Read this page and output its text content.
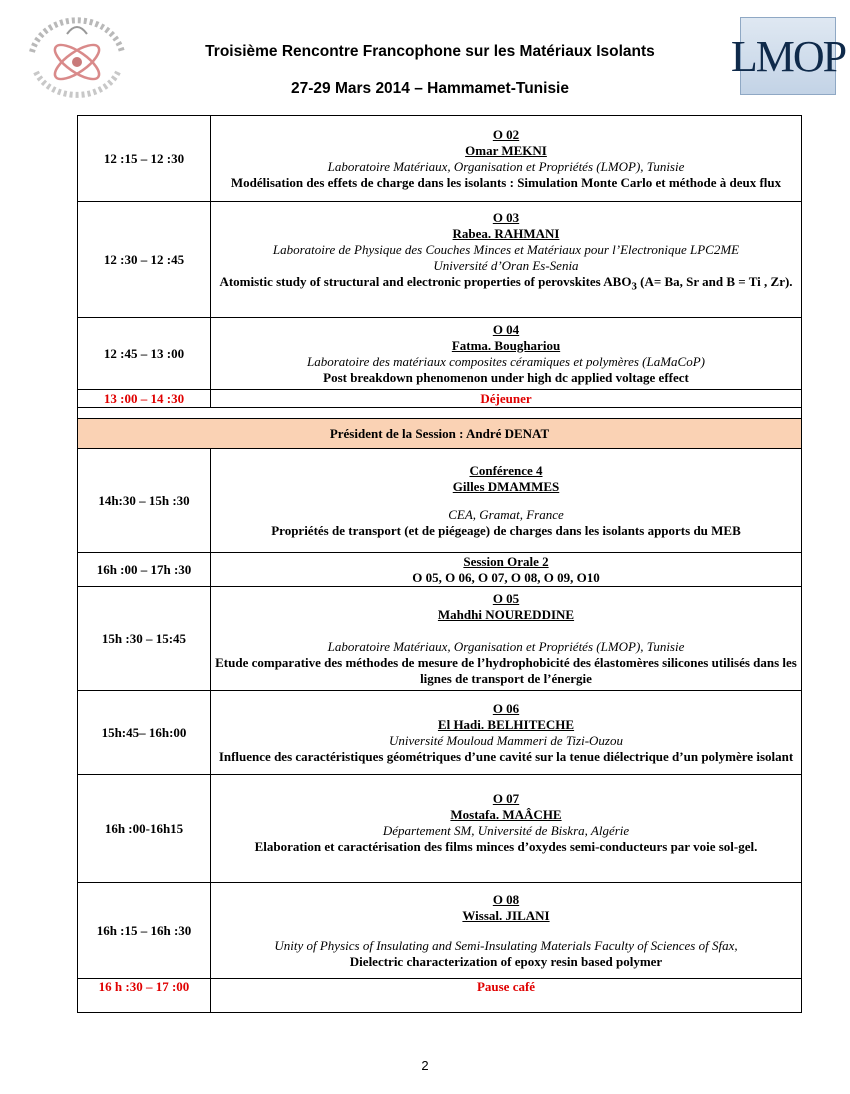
Troisième Rencontre Francophone sur les Matériaux Isolants
27-29 Mars 2014 – Hammamet-Tunisie
LMOP
12 :15 – 12 :30	O 02
Omar MEKNI
Laboratoire Matériaux, Organisation et Propriétés (LMOP), Tunisie
Modélisation des effets de charge dans les isolants : Simulation Monte Carlo et méthode à deux flux

12 :30 – 12 :45	O 03
Rabea. RAHMANI
Laboratoire de Physique des Couches Minces et Matériaux pour l’Electronique LPC2ME
Université d’Oran Es-Senia
Atomistic study of structural and electronic properties of perovskites $ABO_3$ (A= Ba, Sr and B = Ti , Zr).

12 :45 – 13 :00	O 04
Fatma. Boughariou
Laboratoire des matériaux composites céramiques et polymères (LaMaCoP)
Post breakdown phenomenon under high dc applied voltage effect

13 :00 – 14 :30	Déjeuner

Président de la Session : André DENAT	
14h:30 – 15h :30	Conférence 4
Gilles DMAMMES
CEA, Gramat, France
Propriétés de transport (et de piégeage) de charges dans les isolants apports du MEB

16h :00 – 17h :30	Session Orale 2
O 05, O 06, O 07, O 08, O 09, O10

15h :30 – 15:45	O 05
Mahdhi NOUREDDINE
Laboratoire Matériaux, Organisation et Propriétés (LMOP), Tunisie
Etude comparative des méthodes de mesure de l’hydrophobicité des élastomères silicones utilisés dans les lignes de transport de l’énergie

15h:45– 16h:00	O 06
El Hadi. BELHITECHE
Université Mouloud Mammeri de Tizi-Ouzou
Influence des caractéristiques géométriques d’une cavité sur la tenue diélectrique d’un polymère isolant

16h :00-16h15	O 07
Mostafa. MAÂCHE
Département SM, Université de Biskra, Algérie
Elaboration et caractérisation des films minces d’oxydes semi-conducteurs par voie sol-gel.

16h :15 – 16h :30	O 08
Wissal. JILANI
Unity of Physics of Insulating and Semi-Insulating Materials Faculty of Sciences of Sfax,
Dielectric characterization of epoxy resin based polymer

16 h :30 – 17 :00	Pause café
2
